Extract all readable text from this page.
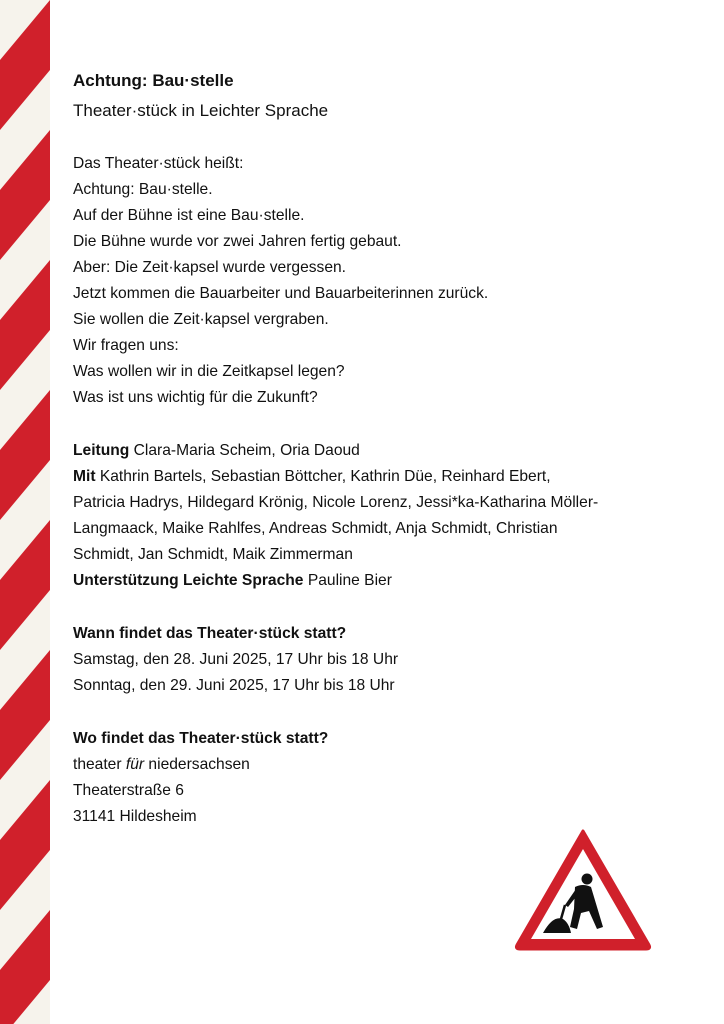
Achtung: Bau·stelle

Theater·stück in Leichter Sprache

Das Theater·stück heißt:
Achtung: Bau·stelle.
Auf der Bühne ist eine Bau·stelle.
Die Bühne wurde vor zwei Jahren fertig gebaut.
Aber: Die Zeit·kapsel wurde vergessen.
Jetzt kommen die Bauarbeiter und Bauarbeiterinnen zurück.
Sie wollen die Zeit·kapsel vergraben.
Wir fragen uns:
Was wollen wir in die Zeitkapsel legen?
Was ist uns wichtig für die Zukunft?
Leitung Clara-Maria Scheim, Oria Daoud
Mit Kathrin Bartels, Sebastian Böttcher, Kathrin Düe, Reinhard Ebert,
Patricia Hadrys, Hildegard Krönig, Nicole Lorenz, Jessi*ka-Katharina Möller-
Langmaack, Maike Rahlfes, Andreas Schmidt, Anja Schmidt, Christian
Schmidt, Jan Schmidt, Maik Zimmerman
Unterstützung Leichte Sprache Pauline Bier
Wann findet das Theater·stück statt?
Samstag, den 28. Juni 2025, 17 Uhr bis 18 Uhr
Sonntag, den 29. Juni 2025, 17 Uhr bis 18 Uhr
Wo findet das Theater·stück statt?
theater für niedersachsen
Theaterstraße 6
31141 Hildesheim
